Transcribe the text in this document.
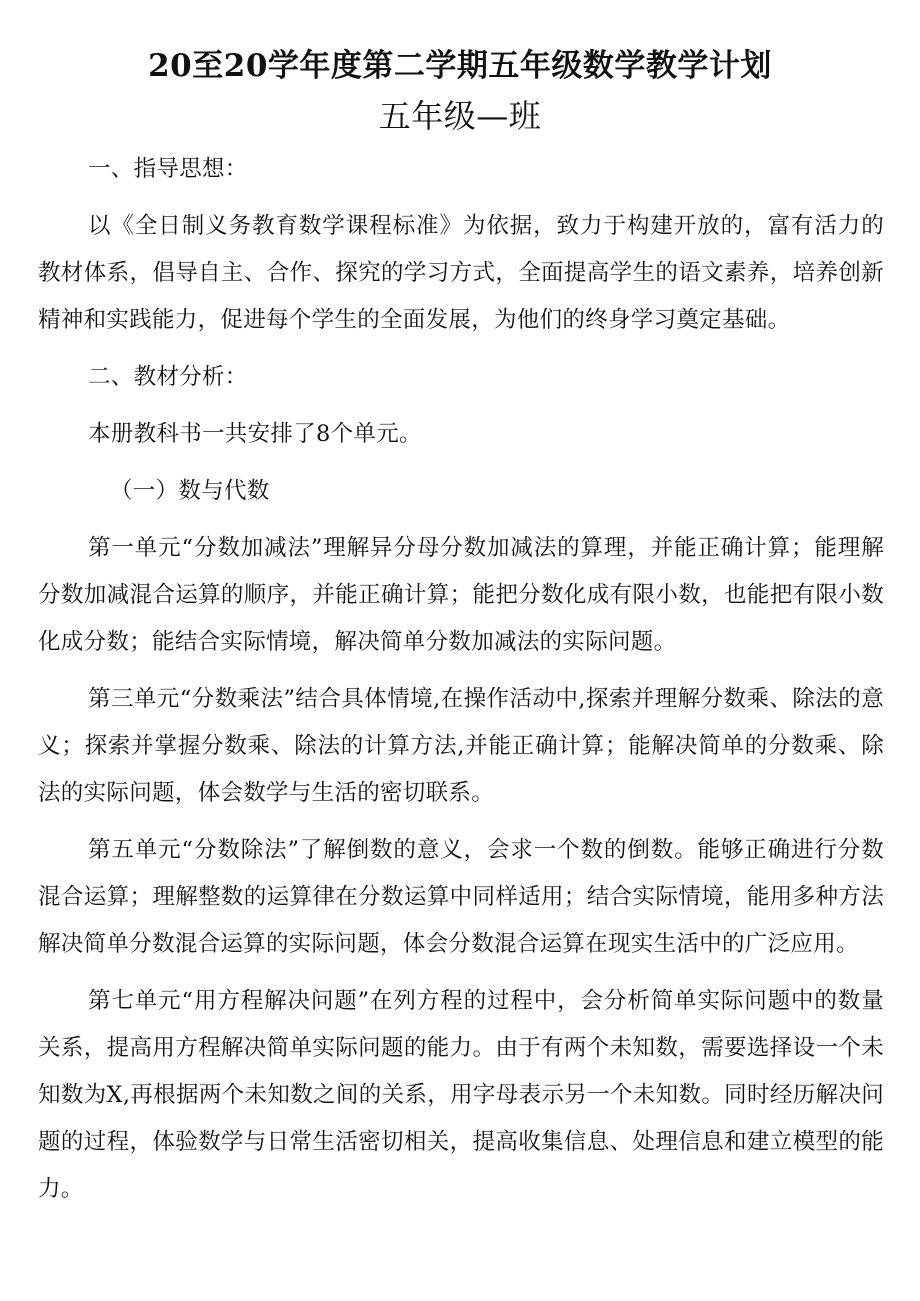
20至20学年度第二学期五年级数学教学计划
五年级—班

一、指导思想：

以《全日制义务教育数学课程标准》为依据，致力于构建开放的，富有活力的教材体系，倡导自主、合作、探究的学习方式，全面提高学生的语文素养，培养创新精神和实践能力，促进每个学生的全面发展，为他们的终身学习奠定基础。

二、教材分析：

本册教科书一共安排了8个单元。

（一）数与代数

第一单元“分数加减法”理解异分母分数加减法的算理，并能正确计算；能理解分数加减混合运算的顺序，并能正确计算；能把分数化成有限小数，也能把有限小数化成分数；能结合实际情境，解决简单分数加减法的实际问题。

第三单元“分数乘法”结合具体情境,在操作活动中,探索并理解分数乘、除法的意义；探索并掌握分数乘、除法的计算方法,并能正确计算；能解决简单的分数乘、除法的实际问题，体会数学与生活的密切联系。

第五单元“分数除法”了解倒数的意义，会求一个数的倒数。能够正确进行分数混合运算；理解整数的运算律在分数运算中同样适用；结合实际情境，能用多种方法解决简单分数混合运算的实际问题，体会分数混合运算在现实生活中的广泛应用。

第七单元“用方程解决问题”在列方程的过程中，会分析简单实际问题中的数量关系，提高用方程解决简单实际问题的能力。由于有两个未知数，需要选择设一个未知数为X,再根据两个未知数之间的关系，用字母表示另一个未知数。同时经历解决问题的过程，体验数学与日常生活密切相关，提高收集信息、处理信息和建立模型的能力。
